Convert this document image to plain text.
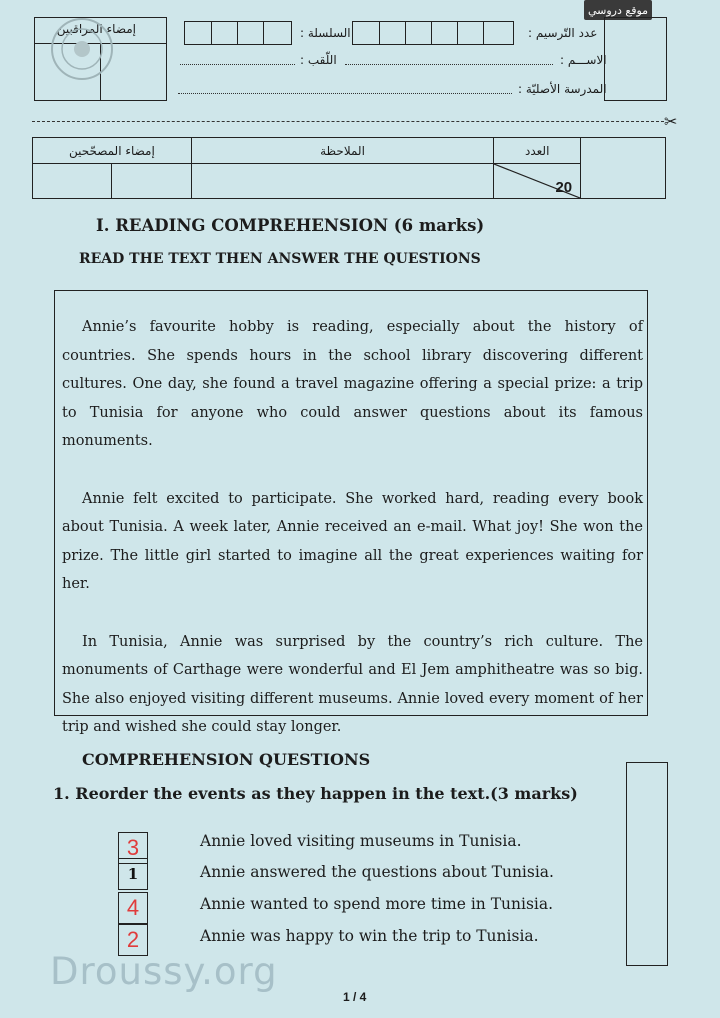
موقع دروسي
إمضاء المراقبين	السلسلة :	عدد التّرسيم :
الاســـم :
اللّقب :
المدرسة الأصليّة :
✂
إمضاء المصحّحين		الملاحظة	العدد	

			20	
I. READING COMPREHENSION (6 marks)
READ THE TEXT THEN ANSWER THE QUESTIONS

Annie’s favourite hobby is reading, especially about the history of countries. She spends hours in the school library discovering different cultures. One day, she found a travel magazine offering a special prize: a trip to Tunisia for anyone who could answer questions about its famous monuments.

Annie felt excited to participate. She worked hard, reading every book about Tunisia. A week later, Annie received an e-mail. What joy! She won the prize. The little girl started to imagine all the great experiences waiting for her.

In Tunisia, Annie was surprised by the country’s rich culture. The monuments of Carthage were wonderful and El Jem amphitheatre was so big. She also enjoyed visiting different museums. Annie loved every moment of her trip and wished she could stay longer.

COMPREHENSION QUESTIONS
1. Reorder the events as they happen in the text.(3 marks)
3	Annie loved visiting museums in Tunisia.
1	Annie answered the questions about Tunisia.
4	Annie wanted to spend more time in Tunisia.
2	Annie was happy to win the trip to Tunisia.
Droussy.org
1 / 4
